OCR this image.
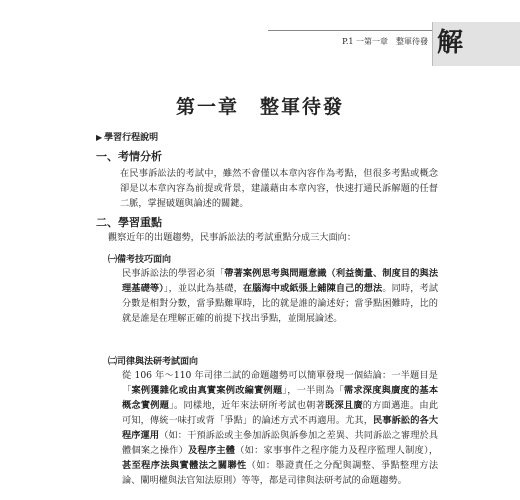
P.1 一第一章　整軍待發 解
第一章　整軍待發
▶ 學習行程說明
一、考情分析
在民事訴訟法的考試中，雖然不會僅以本章內容作為考點，但很多考點或概念卻是以本章內容為前提或背景，建議藉由本章內容，快速打通民訴解題的任督二脈，掌握破題與論述的關鍵。
二、學習重點
觀察近年的出題趨勢，民事訴訟法的考試重點分成三大面向：
㈠備考技巧面向
民事訴訟法的學習必須「帶著案例思考與問題意識（利益衡量、制度目的與法理基礎等）」，並以此為基礎，在腦海中或紙張上鋪陳自己的想法。同時，考試分數是相對分數，當爭點難單時，比的就是誰的論述好；當爭點困難時，比的就是誰是在理解正確的前提下找出爭點，並開展論述。
㈡司律與法研考試面向
從 106 年～110 年司律二試的命題趨勢可以簡單發現一個結論：一半題目是「案例獲雜化或由真實案例改編實例題」，一半則為「需求深度與廣度的基本概念實例題」。同樣地，近年來法研所考試也朝著既深且廣的方面邁進。由此可知，傳統一味打或背「爭點」的論述方式不再適用。尤其，民事訴訟的各大程序運用（如：干預訴訟或主參加訴訟與訴參加之差異、共同訴訟之審理於具體個案之操作）及程序主體（如：家事事件之程序能力及程序監理人制度），甚至程序法與實體法之關聯性（如：舉證責任之分配與調整、爭點整理方法論、闡明權與法官知法原則）等等，都是司律與法研考試的命題趨勢。
